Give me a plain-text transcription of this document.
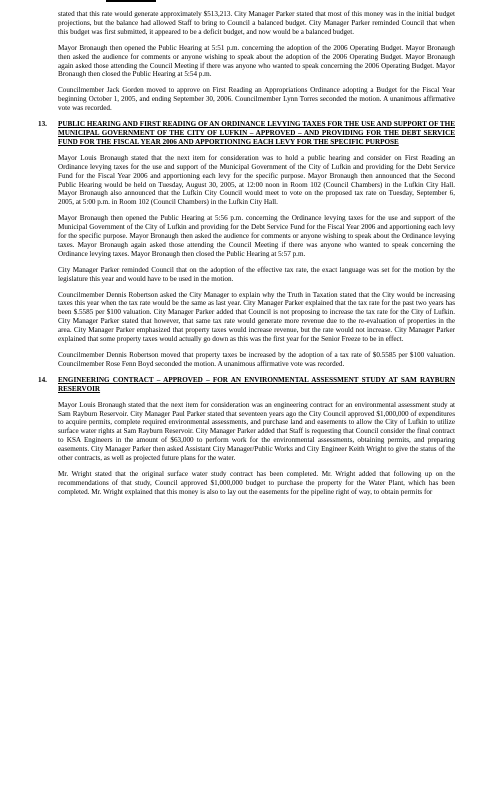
stated that this rate would generate approximately $513,213. City Manager Parker stated that most of this money was in the initial budget projections, but the balance had allowed Staff to bring to Council a balanced budget. City Manager Parker reminded Council that when this budget was first submitted, it appeared to be a deficit budget, and now would be a balanced budget.

Mayor Bronaugh then opened the Public Hearing at 5:51 p.m. concerning the adoption of the 2006 Operating Budget. Mayor Bronaugh then asked the audience for comments or anyone wishing to speak about the adoption of the 2006 Operating Budget. Mayor Bronaugh again asked those attending the Council Meeting if there was anyone who wanted to speak concerning the 2006 Operating Budget. Mayor Bronaugh then closed the Public Hearing at 5:54 p.m.

Councilmember Jack Gorden moved to approve on First Reading an Appropriations Ordinance adopting a Budget for the Fiscal Year beginning October 1, 2005, and ending September 30, 2006. Councilmember Lynn Torres seconded the motion. A unanimous affirmative vote was recorded.

13. PUBLIC HEARING AND FIRST READING OF AN ORDINANCE LEVYING TAXES FOR THE USE AND SUPPORT OF THE MUNICIPAL GOVERNMENT OF THE CITY OF LUFKIN – APPROVED – AND PROVIDING FOR THE DEBT SERVICE FUND FOR THE FISCAL YEAR 2006 AND APPORTIONING EACH LEVY FOR THE SPECIFIC PURPOSE

Mayor Louis Bronaugh stated that the next item for consideration was to hold a public hearing and consider on First Reading an Ordinance levying taxes for the use and support of the Municipal Government of the City of Lufkin and providing for the Debt Service Fund for the Fiscal Year 2006 and apportioning each levy for the specific purpose. Mayor Bronaugh then announced that the Second Public Hearing would be held on Tuesday, August 30, 2005, at 12:00 noon in Room 102 (Council Chambers) in the Lufkin City Hall. Mayor Bronaugh also announced that the Lufkin City Council would meet to vote on the proposed tax rate on Tuesday, September 6, 2005, at 5:00 p.m. in Room 102 (Council Chambers) in the Lufkin City Hall.

Mayor Bronaugh then opened the Public Hearing at 5:56 p.m. concerning the Ordinance levying taxes for the use and support of the Municipal Government of the City of Lufkin and providing for the Debt Service Fund for the Fiscal Year 2006 and apportioning each levy for the specific purpose. Mayor Bronaugh then asked the audience for comments or anyone wishing to speak about the Ordinance levying taxes. Mayor Bronaugh again asked those attending the Council Meeting if there was anyone who wanted to speak concerning the Ordinance levying taxes. Mayor Bronaugh then closed the Public Hearing at 5:57 p.m.

City Manager Parker reminded Council that on the adoption of the effective tax rate, the exact language was set for the motion by the legislature this year and would have to be used in the motion.

Councilmember Dennis Robertson asked the City Manager to explain why the Truth in Taxation stated that the City would be increasing taxes this year when the tax rate would be the same as last year. City Manager Parker explained that the tax rate for the past two years has been $.5585 per $100 valuation. City Manager Parker added that Council is not proposing to increase the tax rate for the City of Lufkin. City Manager Parker stated that however, that same tax rate would generate more revenue due to the re-evaluation of properties in the area. City Manager Parker emphasized that property taxes would increase revenue, but the rate would not increase. City Manager Parker explained that some property taxes would actually go down as this was the first year for the Senior Freeze to be in effect.

Councilmember Dennis Robertson moved that property taxes be increased by the adoption of a tax rate of $0.5585 per $100 valuation. Councilmember Rose Fenn Boyd seconded the motion. A unanimous affirmative vote was recorded.

14. ENGINEERING CONTRACT – APPROVED – FOR AN ENVIRONMENTAL ASSESSMENT STUDY AT SAM RAYBURN RESERVOIR

Mayor Louis Bronaugh stated that the next item for consideration was an engineering contract for an environmental assessment study at Sam Rayburn Reservoir. City Manager Paul Parker stated that seventeen years ago the City Council approved $1,000,000 of expenditures to acquire permits, complete required environmental assessments, and purchase land and easements to allow the City of Lufkin to utilize surface water rights at Sam Rayburn Reservoir. City Manager Parker added that Staff is requesting that Council consider the final contract to KSA Engineers in the amount of $63,000 to perform work for the environmental assessments, obtaining permits, and preparing easements. City Manager Parker then asked Assistant City Manager/Public Works and City Engineer Keith Wright to give the status of the other contracts, as well as projected future plans for the water.

Mr. Wright stated that the original surface water study contract has been completed. Mr. Wright added that following up on the recommendations of that study, Council approved $1,000,000 budget to purchase the property for the Water Plant, which has been completed. Mr. Wright explained that this money is also to lay out the easements for the pipeline right of way, to obtain permits for
